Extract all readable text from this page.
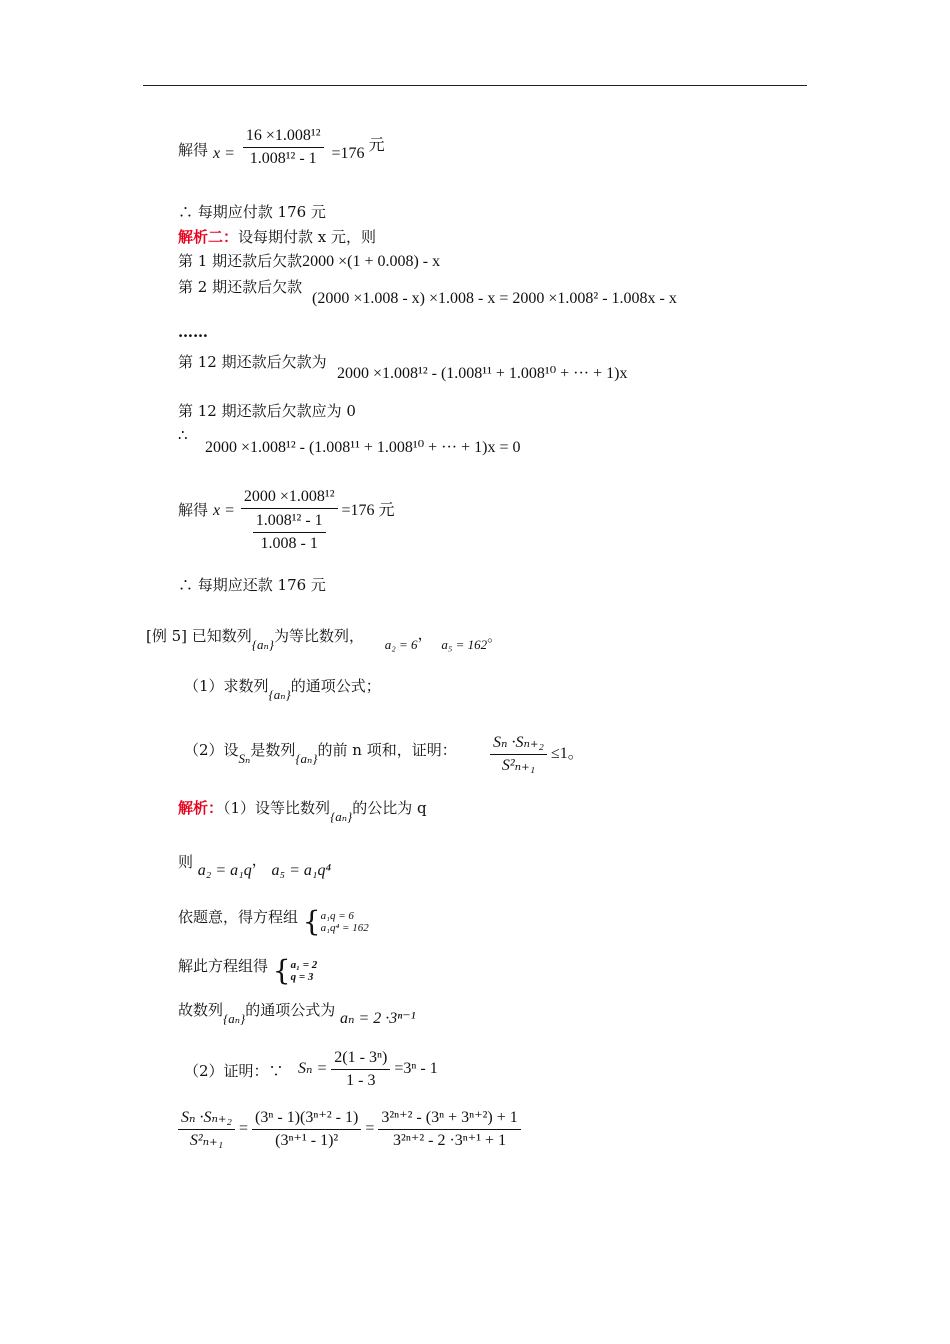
解得 $x = \frac{\text{16 ×1.008¹²}}{\text{1.008¹² - 1}} =176$ 元
∴ 每期应付款 176 元
解析二：设每期付款 x 元，则
第 1 期还款后欠款2000 ×(1 + 0.008) - x
第 2 期还款后欠款
(2000 ×1.008 - x) ×1.008 - x = 2000 ×1.008² - 1.008x - x
……
第 12 期还款后欠款为
2000 ×1.008¹² - (1.008¹¹ + 1.008¹⁰ + ··· + 1)x
第 12 期还款后欠款应为 0
∴
2000 ×1.008¹² - (1.008¹¹ + 1.008¹⁰ + ··· + 1)x = 0
解得 $x = \frac{\text{2000 ×1.008¹²}}{\frac{\text{1.008¹² - 1}}{1.008 - 1}} =176$ 元
∴ 每期应还款 176 元
[例 5] 已知数列{aₙ}为等比数列， a₂ = 6， a₅ = 162。
（1）求数列{aₙ}的通项公式；
（2）设Sₙ是数列{aₙ}的前 n 项和，证明： $\frac{\text{Sₙ ·Sₙ₊₂}}{\text{S²ₙ₊₁}} \le 1$。
解析：（1）设等比数列{aₙ}的公比为 q
则 a₂ = a₁q， a₅ = a₁q⁴
依题意，得方程组 {a₁q = 6
a₁q⁴ = 162
解此方程组得 {a₁ = 2
q = 3
故数列{aₙ}的通项公式为 aₙ = 2 ·3ⁿ⁻¹
（2）证明：∵ $S_n = \frac{\text{2(1 - 3ⁿ)}}{1 - 3} =3^n - 1$
$\frac{\text{Sₙ ·Sₙ₊₂}}{\text{S²ₙ₊₁}} = \frac{\text{(3ⁿ - 1)(3ⁿ⁺² - 1)}}{\text{(3ⁿ⁺¹ - 1)²}} = \frac{\text{3²ⁿ⁺² - (3ⁿ + 3ⁿ⁺²) + 1}}{\text{3²ⁿ⁺² - 2 ·3ⁿ⁺¹ + 1}}$
